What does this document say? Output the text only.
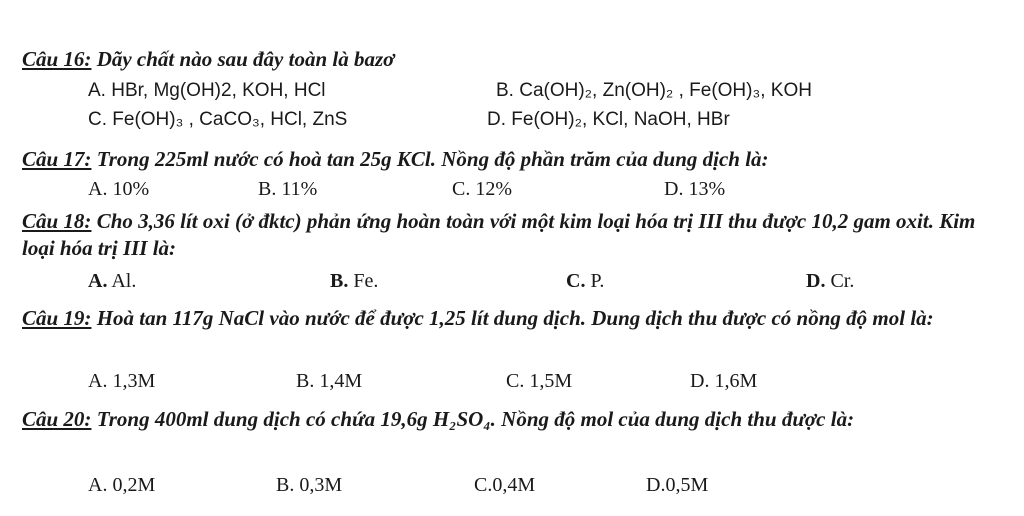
Câu 16: Dãy chất nào sau đây toàn là bazơ
A. HBr, Mg(OH)2, KOH, HCl	B. Ca(OH)₂, Zn(OH)₂ , Fe(OH)₃, KOH
C. Fe(OH)₃ , CaCO₃, HCl, ZnS	D. Fe(OH)₂, KCl, NaOH, HBr
Câu 17: Trong 225ml nước có hoà tan 25g KCl. Nồng độ phần trăm của dung dịch là:
A. 10%	B. 11%	C. 12%	D. 13%
Câu 18: Cho 3,36 lít oxi (ở đktc) phản ứng hoàn toàn với một kim loại hóa trị III thu được 10,2 gam oxit. Kim loại hóa trị III là:
A. Al.	B. Fe.	C. P.	D. Cr.
Câu 19: Hoà tan 117g NaCl vào nước để được 1,25 lít dung dịch. Dung dịch thu được có nồng độ mol là:
A. 1,3M	B. 1,4M	C. 1,5M	D. 1,6M
Câu 20: Trong 400ml dung dịch có chứa 19,6g H₂SO₄. Nồng độ mol của dung dịch thu được là:
A. 0,2M	B. 0,3M	C.0,4M	D.0,5M
